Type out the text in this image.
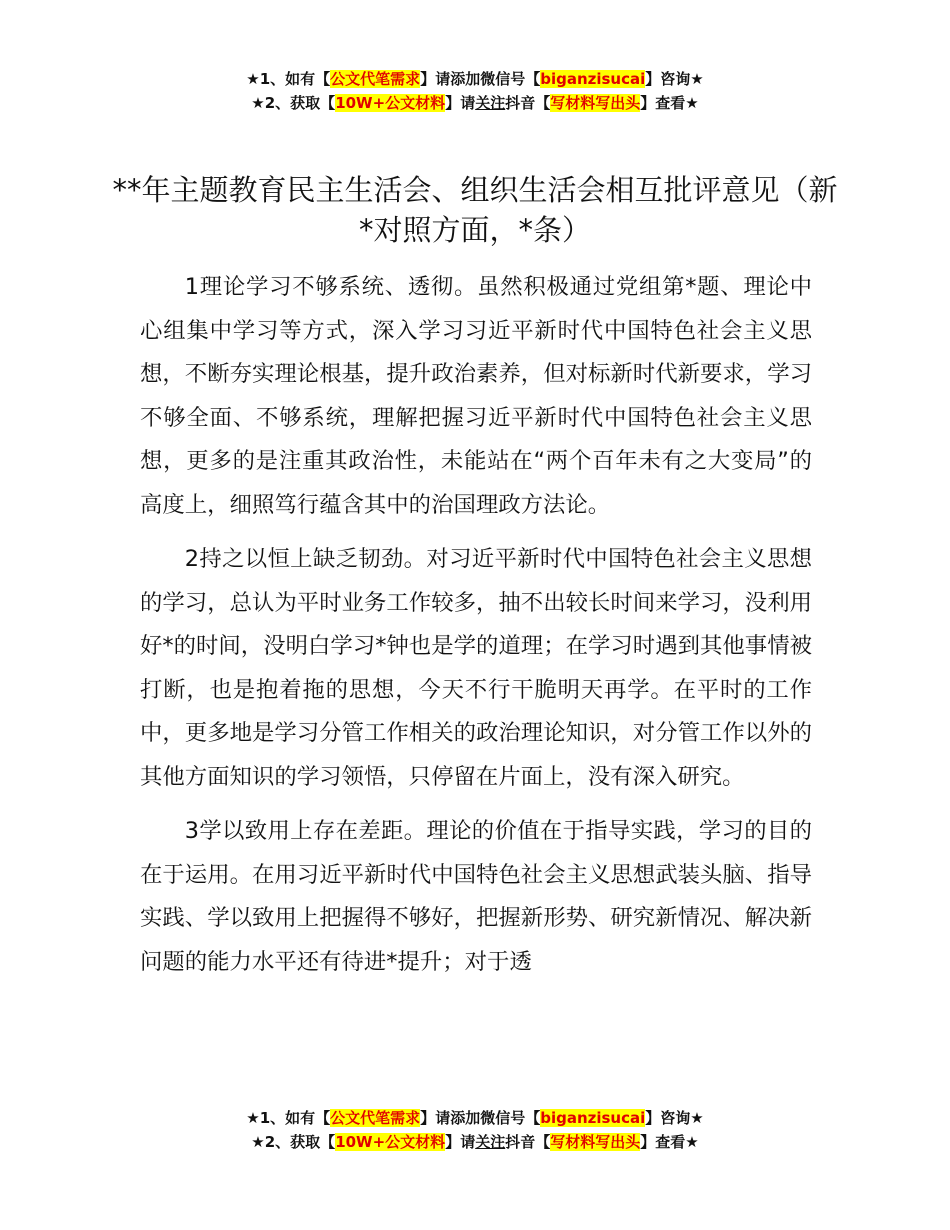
★1、如有【公文代笔需求】请添加微信号【biganzisucai】咨询★
★2、获取【10W+公文材料】请关注抖音【写材料写出头】查看★
**年主题教育民主生活会、组织生活会相互批评意见（新*对照方面，*条）

1理论学习不够系统、透彻。虽然积极通过党组第*题、理论中心组集中学习等方式，深入学习习近平新时代中国特色社会主义思想，不断夯实理论根基，提升政治素养，但对标新时代新要求，学习不够全面、不够系统，理解把握习近平新时代中国特色社会主义思想，更多的是注重其政治性，未能站在“两个百年未有之大变局”的高度上，细照笃行蕴含其中的治国理政方法论。

2持之以恒上缺乏韧劲。对习近平新时代中国特色社会主义思想的学习，总认为平时业务工作较多，抽不出较长时间来学习，没利用好*的时间，没明白学习*钟也是学的道理；在学习时遇到其他事情被打断，也是抱着拖的思想，今天不行干脆明天再学。在平时的工作中，更多地是学习分管工作相关的政治理论知识，对分管工作以外的其他方面知识的学习领悟，只停留在片面上，没有深入研究。

3学以致用上存在差距。理论的价值在于指导实践，学习的目的在于运用。在用习近平新时代中国特色社会主义思想武装头脑、指导实践、学以致用上把握得不够好，把握新形势、研究新情况、解决新问题的能力水平还有待进*提升；对于透

★1、如有【公文代笔需求】请添加微信号【biganzisucai】咨询★
★2、获取【10W+公文材料】请关注抖音【写材料写出头】查看★
